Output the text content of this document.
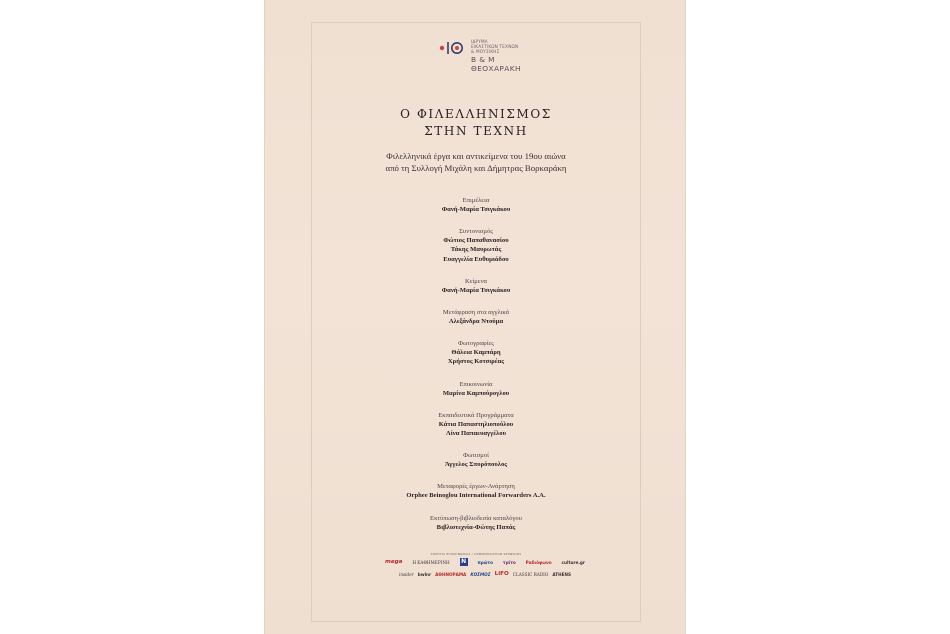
ΙΔΡΥΜΑ
ΕΙΚΑΣΤΙΚΩΝ ΤΕΧΝΩΝ
& ΜΟΥΣΙΚΗΣ
Β & Μ
ΘΕΟΧΑΡΑΚΗ
Ο ΦΙΛΕΛΛΗΝΙΣΜΟΣ
ΣΤΗΝ ΤΕΧΝΗ
Φιλελληνικά έργα και αντικείμενα του 19ου αιώνα
από τη Συλλογή Μιχάλη και Δήμητρας Βορκαράκη
Επιμέλεια
Φανή-Μαρία Τσιγκάκου
Συντονισμός
Φώτιος Παπαθανασίου
Τάκης Μαυρωτάς
Ευαγγελία Ευθυμιάδου
Κείμενα
Φανή-Μαρία Τσιγκάκου
Μετάφραση στα αγγλικά
Αλεξάνδρα Ντούμα
Φωτογραφίες
Θάλεια Καμπάρη
Χρήστος Κοτσιρέας
Επικοινωνία
Μαρίνα Καμπούρογλου
Εκπαιδευτικά Προγράμματα
Κάτια Παπαστηλιοπούλου
Λίνα Παπαευαγγέλου
Φωτισμοί
Άγγελος Σπυρόπουλος
Μεταφορές έργων-Ανάρτηση
Orphee Beinoglou International Forwarders A.A.
Εκτύπωση-βιβλιοδεσία καταλόγου
Βιβλιοτεχνία-Φώτης Παπάς
ΧΟΡΗΓΟΙ ΕΠΙΚΟΙΝΩΝΙΑΣ / COMMUNICATION SPONSORS
mega Η ΚΑΘΗΜΕΡΙΝΗ N	πρώτο τρίτο Ραδιόφωνο culture.gr
insider bwlnr ΑΘΗΝΟΡΑΜΑ ΚΟΣΜΟΣ LiFO CLASSIC RADIO ATHENS
